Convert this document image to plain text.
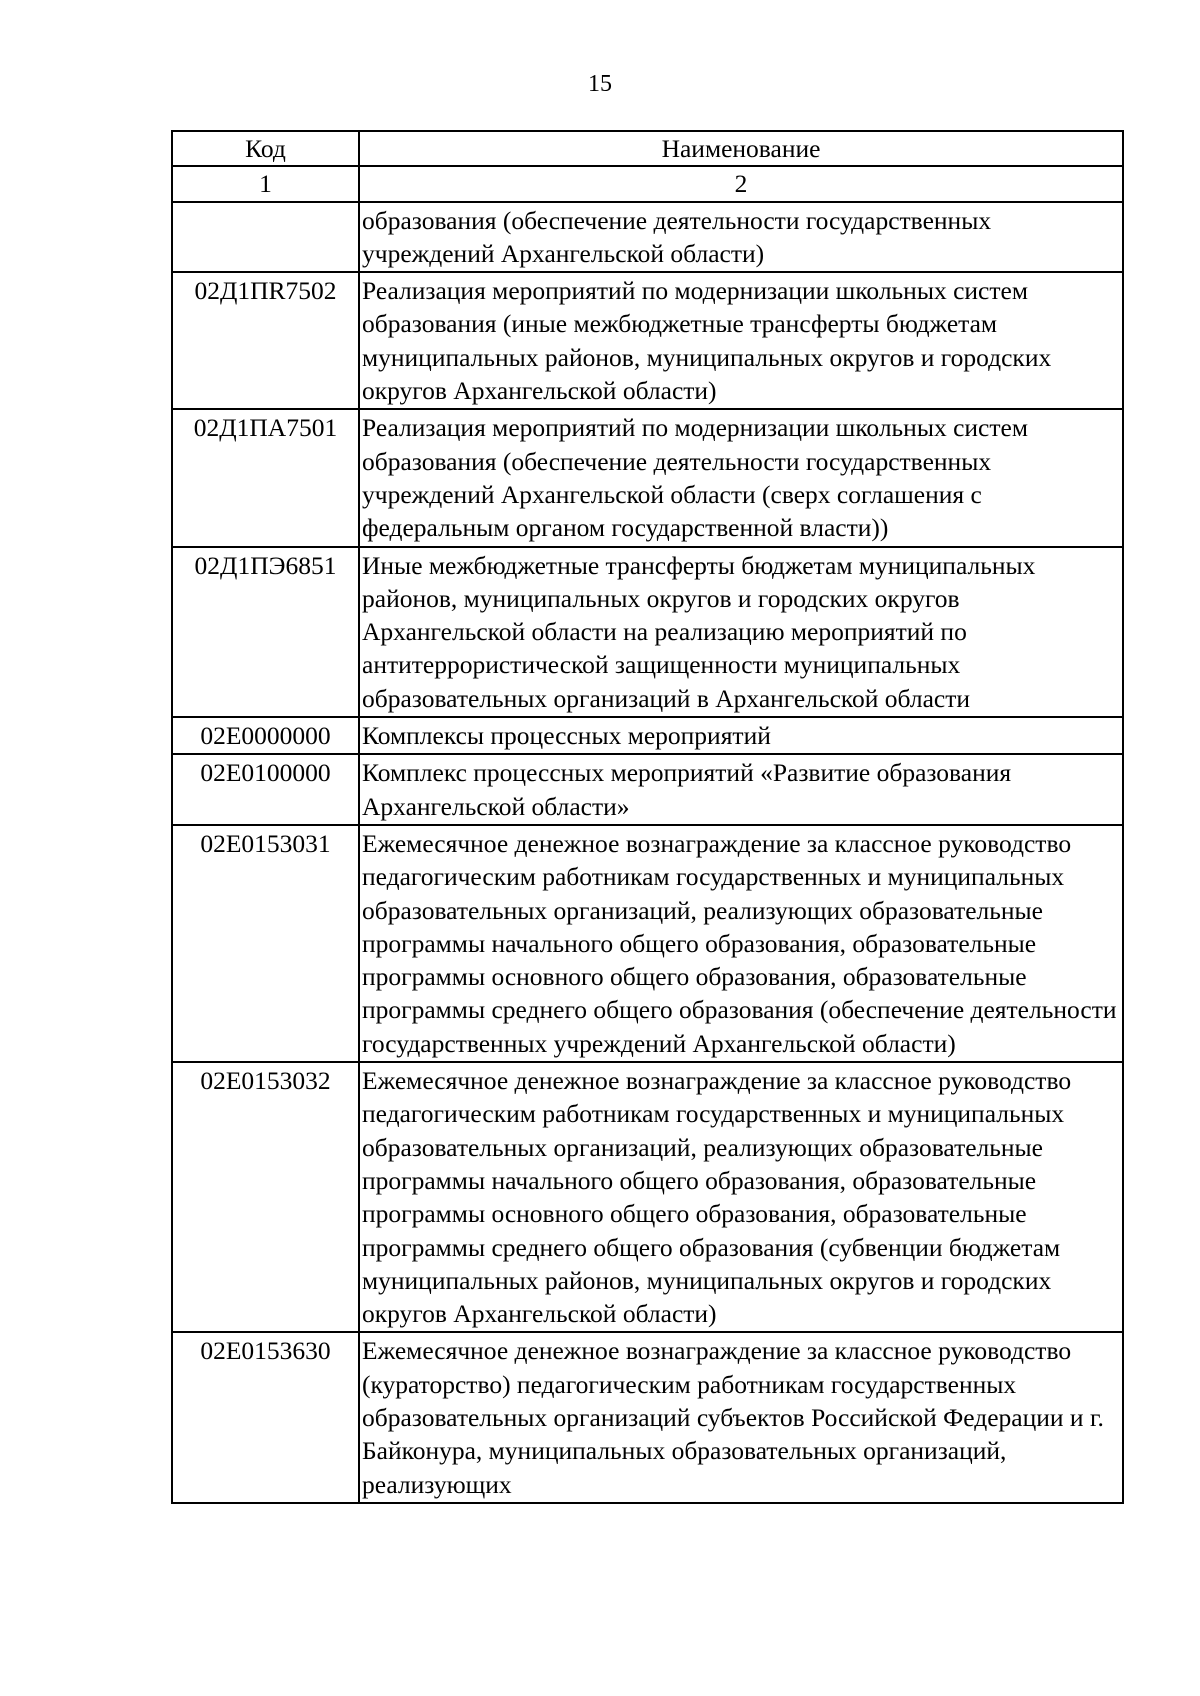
15
Код	Наименование
1	2
	образования (обеспечение деятельности государственных учреждений Архангельской области)
02Д1ПR7502	Реализация мероприятий по модернизации школьных систем образования (иные межбюджетные трансферты бюджетам муниципальных районов, муниципальных округов и городских округов Архангельской области)
02Д1ПА7501	Реализация мероприятий по модернизации школьных систем образования (обеспечение деятельности государственных учреждений Архангельской области (сверх соглашения с федеральным органом государственной власти))
02Д1ПЭ6851	Иные межбюджетные трансферты бюджетам муниципальных районов, муниципальных округов и городских округов Архангельской области на реализацию мероприятий по антитеррористической защищенности муниципальных образовательных организаций в Архангельской области
02Е0000000	Комплексы процессных мероприятий
02Е0100000	Комплекс процессных мероприятий «Развитие образования Архангельской области»
02Е0153031	Ежемесячное денежное вознаграждение за классное руководство педагогическим работникам государственных и муниципальных образовательных организаций, реализующих образовательные программы начального общего образования, образовательные программы основного общего образования, образовательные программы среднего общего образования (обеспечение деятельности государственных учреждений Архангельской области)
02Е0153032	Ежемесячное денежное вознаграждение за классное руководство педагогическим работникам государственных и муниципальных образовательных организаций, реализующих образовательные программы начального общего образования, образовательные программы основного общего образования, образовательные программы среднего общего образования (субвенции бюджетам муниципальных районов, муниципальных округов и городских округов Архангельской области)
02Е0153630	Ежемесячное денежное вознаграждение за классное руководство (кураторство) педагогическим работникам государственных образовательных организаций субъектов Российской Федерации и г. Байконура, муниципальных образовательных организаций, реализующих
